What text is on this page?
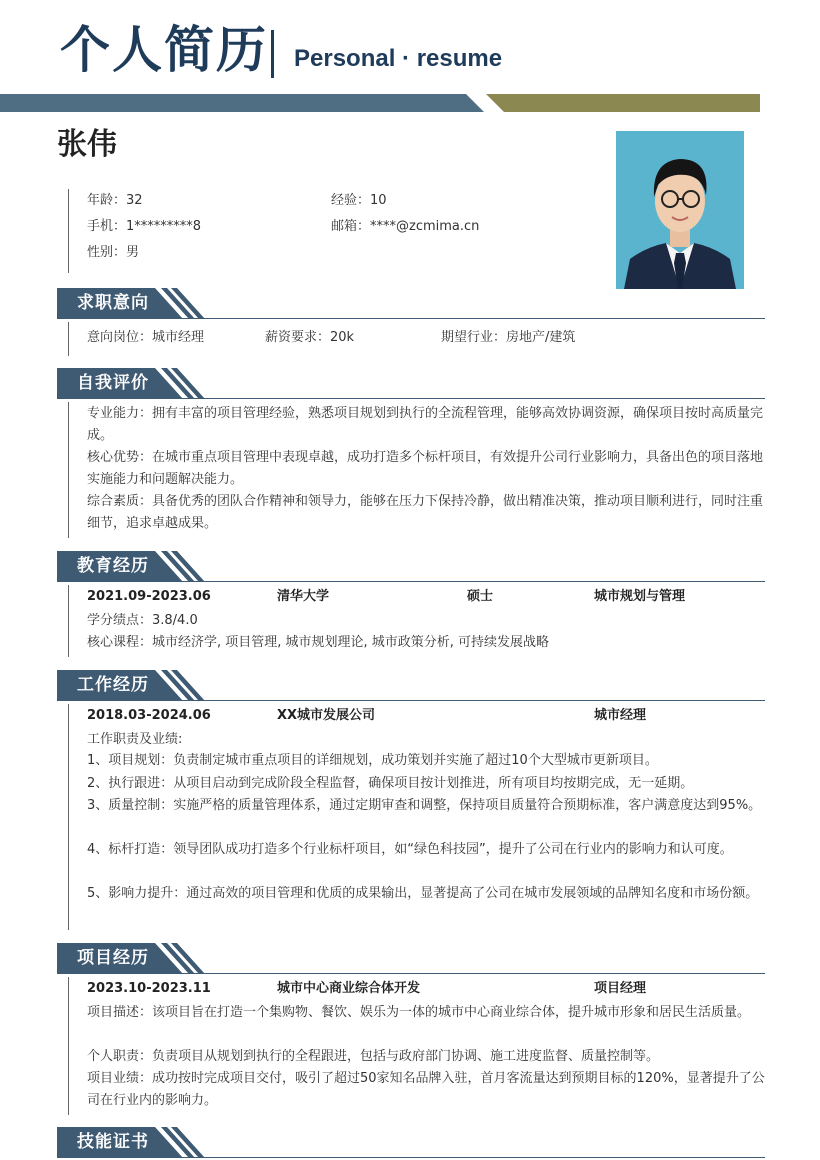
个人简历 Personal · resume
张伟
年龄：32	经验：10
手机：1*********8	邮箱：****@zcmima.cn
性别：男
求职意向
意向岗位：城市经理	薪资要求：20k	期望行业：房地产/建筑
自我评价
专业能力：拥有丰富的项目管理经验，熟悉项目规划到执行的全流程管理，能够高效协调资源，确保项目按时高质量完成。
核心优势：在城市重点项目管理中表现卓越，成功打造多个标杆项目，有效提升公司行业影响力，具备出色的项目落地实施能力和问题解决能力。
综合素质：具备优秀的团队合作精神和领导力，能够在压力下保持冷静，做出精准决策，推动项目顺利进行，同时注重细节，追求卓越成果。
教育经历
2021.09-2023.06	清华大学	硕士	城市规划与管理
学分绩点：3.8/4.0
核心课程：城市经济学, 项目管理, 城市规划理论, 城市政策分析, 可持续发展战略
工作经历
2018.03-2024.06	XX城市发展公司	城市经理
工作职责及业绩:
1、项目规划：负责制定城市重点项目的详细规划，成功策划并实施了超过10个大型城市更新项目。
2、执行跟进：从项目启动到完成阶段全程监督，确保项目按计划推进，所有项目均按期完成，无一延期。
3、质量控制：实施严格的质量管理体系，通过定期审查和调整，保持项目质量符合预期标准，客户满意度达到95%。
4、标杆打造：领导团队成功打造多个行业标杆项目，如“绿色科技园”，提升了公司在行业内的影响力和认可度。
5、影响力提升：通过高效的项目管理和优质的成果输出，显著提高了公司在城市发展领域的品牌知名度和市场份额。
项目经历
2023.10-2023.11	城市中心商业综合体开发	项目经理
项目描述：该项目旨在打造一个集购物、餐饮、娱乐为一体的城市中心商业综合体，提升城市形象和居民生活质量。
个人职责：负责项目从规划到执行的全程跟进，包括与政府部门协调、施工进度监督、质量控制等。
项目业绩：成功按时完成项目交付，吸引了超过50家知名品牌入驻，首月客流量达到预期目标的120%，显著提升了公司在行业内的影响力。
技能证书
